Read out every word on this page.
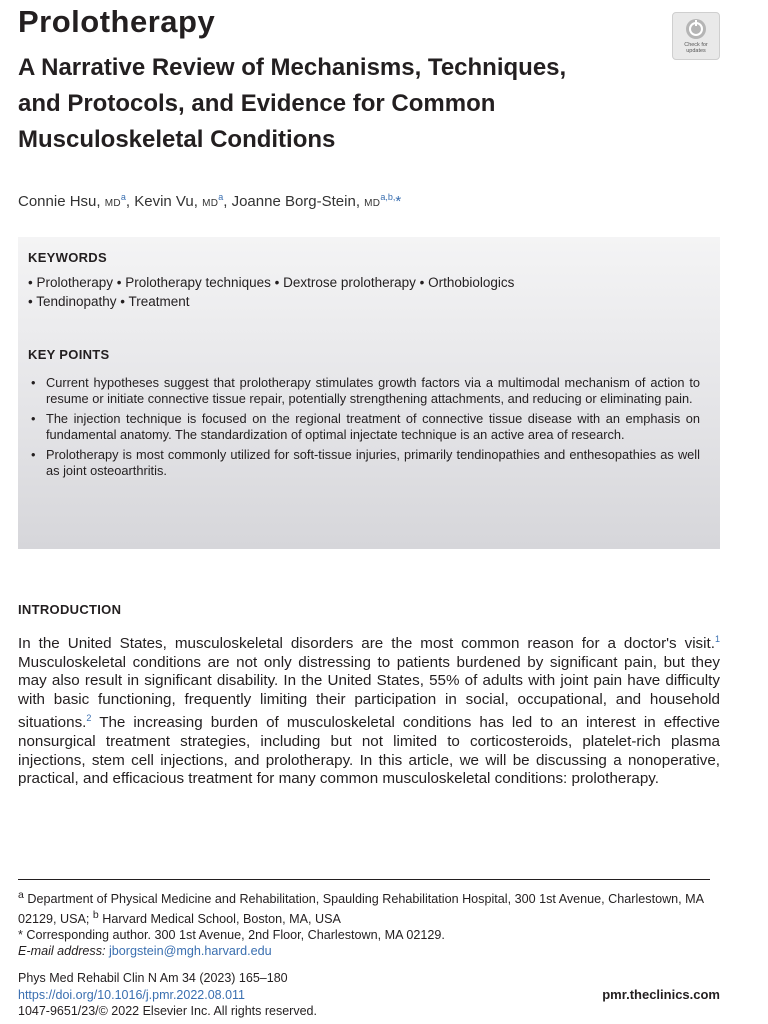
Prolotherapy
Check for
updates
A Narrative Review of Mechanisms, Techniques,
and Protocols, and Evidence for Common
Musculoskeletal Conditions
Connie Hsu, $MD^a$, Kevin Vu, $MD^a$, Joanne Borg-Stein, $MD^{a,b,}*$
KEYWORDS
• Prolotherapy • Prolotherapy techniques • Dextrose prolotherapy • Orthobiologics
• Tendinopathy • Treatment
KEY POINTS
• Current hypotheses suggest that prolotherapy stimulates growth factors via a multimodal mechanism of action to resume or initiate connective tissue repair, potentially strengthening attachments, and reducing or eliminating pain.
• The injection technique is focused on the regional treatment of connective tissue disease with an emphasis on fundamental anatomy. The standardization of optimal injectate technique is an active area of research.
• Prolotherapy is most commonly utilized for soft-tissue injuries, primarily tendinopathies and enthesopathies as well as joint osteoarthritis.
INTRODUCTION

In the United States, musculoskeletal disorders are the most common reason for a doctor's visit.$^1$ Musculoskeletal conditions are not only distressing to patients burdened by significant pain, but they may also result in significant disability. In the United States, 55% of adults with joint pain have difficulty with basic functioning, frequently limiting their participation in social, occupational, and household situations.$^2$ The increasing burden of musculoskeletal conditions has led to an interest in effective nonsurgical treatment strategies, including but not limited to corticosteroids, platelet-rich plasma injections, stem cell injections, and prolotherapy. In this article, we will be discussing a nonoperative, practical, and efficacious treatment for many common musculoskeletal conditions: prolotherapy.

$^a$ Department of Physical Medicine and Rehabilitation, Spaulding Rehabilitation Hospital, 300 1st Avenue, Charlestown, MA 02129, USA; $^b$ Harvard Medical School, Boston, MA, USA
* Corresponding author. 300 1st Avenue, 2nd Floor, Charlestown, MA 02129.
E-mail address: jborgstein@mgh.harvard.edu
Phys Med Rehabil Clin N Am 34 (2023) 165–180
https://doi.org/10.1016/j.pmr.2022.08.011
1047-9651/23/© 2022 Elsevier Inc. All rights reserved.
pmr.theclinics.com
